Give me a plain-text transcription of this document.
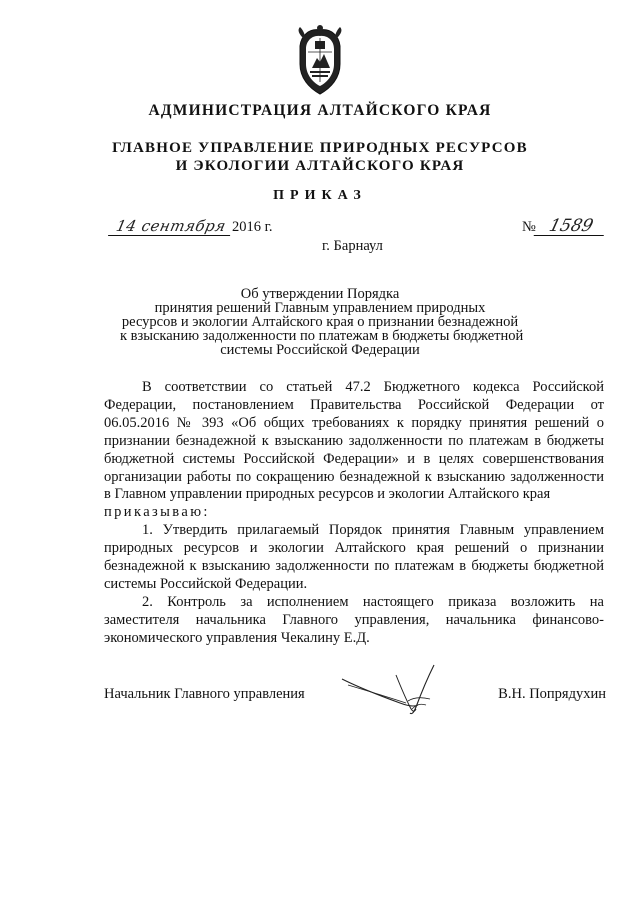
АДМИНИСТРАЦИЯ АЛТАЙСКОГО КРАЯ
ГЛАВНОЕ УПРАВЛЕНИЕ ПРИРОДНЫХ РЕСУРСОВ
И ЭКОЛОГИИ АЛТАЙСКОГО КРАЯ
ПРИКАЗ
14 сентября 2016 г.	№ 1589
г. Барнаул
Об утверждении Порядка
принятия решений Главным управлением природных
ресурсов и экологии Алтайского края о признании безнадежной
к взысканию задолженности по платежам в бюджеты бюджетной
системы Российской Федерации

В соответствии со статьей 47.2 Бюджетного кодекса Российской Федерации, постановлением Правительства Российской Федерации от 06.05.2016 № 393 «Об общих требованиях к порядку принятия решений о признании безнадежной к взысканию задолженности по платежам в бюджеты бюджетной системы Российской Федерации» и в целях совершенствования организации работы по сокращению безнадежной к взысканию задолженности в Главном управлении природных ресурсов и экологии Алтайского края

приказываю:

1. Утвердить прилагаемый Порядок принятия Главным управлением природных ресурсов и экологии Алтайского края решений о признании безнадежной к взысканию задолженности по платежам в бюджеты бюджетной системы Российской Федерации.

2. Контроль за исполнением настоящего приказа возложить на заместителя начальника Главного управления, начальника финансово-экономического управления Чекалину Е.Д.

Начальник Главного управления	В.Н. Попрядухин
